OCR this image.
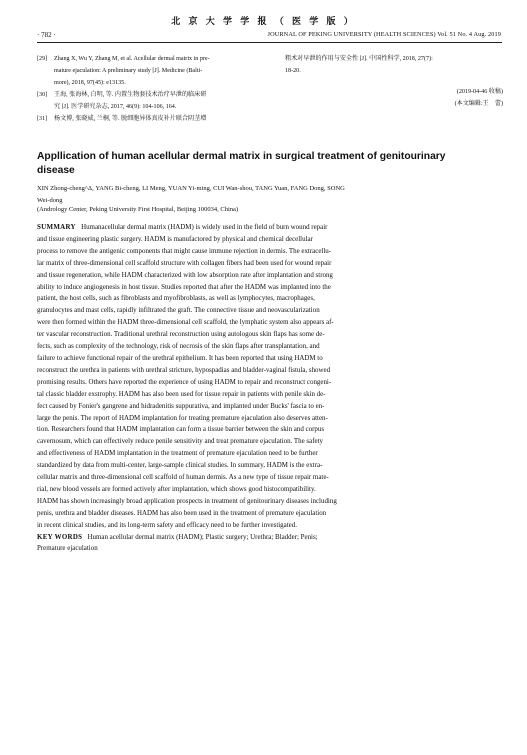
北 京 大 学 学 报 （ 医 学 版 ）
· 782 ·	JOURNAL OF PEKING UNIVERSITY (HEALTH SCIENCES) Vol. 51 No. 4 Aug. 2019
[29] Zhang X, Wu Y, Zhang M, et al. Acellular dermal matrix in pre-
mature ejaculation: A preliminary study [J]. Medicine (Balti-
more), 2018, 97(45): e13135.
[30] 王海, 张海林, 白明, 等. 内置生物套技术治疗早泄的临床研
究 [J]. 医学研究杂志, 2017, 46(9): 104-106, 164.
[31] 杨文博, 张晓威, 兰桐, 等. 脱细胞异体真皮补片联合阴茎增
粗术对早泄的作用与安全性 [J]. 中国性科学, 2018, 27(7):
18-20.
(2019-04-46 收稿)
(本文编辑:王　蕾)
Appllication of human acellular dermal matrix in surgical treatment of genitourinary
disease
XIN Zhong-cheng^Δ, YANG Bi-cheng, LI Meng, YUAN Yi-ming, CUI Wan-shou, TANG Yuan, FANG Dong, SONG
Wei-dong
(Andrology Center, Peking University First Hospital, Beijing 100034, China)
SUMMARY Humanacellular dermal matrix (HADM) is widely used in the field of burn wound repair
and tissue engineering plastic surgery. HADM is manufactored by physical and chemical decellular
process to remove the antigenic components that might cause immune rejection in dermis. The extracellu-
lar matrix of three-dimensional cell scaffold structure with collagen fibers had been used for wound repair
and tissue regeneration, while HADM characterized with low absorption rate after implantation and strong
ability to induce angiogenesis in host tissue. Studies reported that after the HADM was implanted into the
patient, the host cells, such as fibroblasts and myofibroblasts, as well as lymphocytes, macrophages,
granulocytes and mast cells, rapidly infiltrated the graft. The connective tissue and neovascularization
were then formed within the HADM three-dimensional cell scaffold, the lymphatic system also appears af-
ter vascular reconstruction. Traditional urethral reconstruction using autologous skin flaps has some de-
fects, such as complexity of the technology, risk of necrosis of the skin flaps after transplantation, and
failure to achieve functional repair of the urethral epithelium. It has been reported that using HADM to
reconstruct the urethra in patients with urethral stricture, hypospadias and bladder-vaginal fistula, showed
promising results. Others have reported the experience of using HADM to repair and reconstruct congeni-
tal classic bladder exstrophy. HADM has also been used for tissue repair in patients with penile skin de-
fect caused by Fonier's gangrene and hidradenitis suppurativa, and implanted under Bucks' fascia to en-
large the penis. The report of HADM implantation for treating premature ejaculation also deserves atten-
tion. Researchers found that HADM implantation can form a tissue barrier between the skin and corpus
cavernosum, which can effectively reduce penile sensitivity and treat premature ejaculation. The safety
and effectiveness of HADM implantation in the treatment of premature ejaculation need to be further
standardized by data from multi-center, large-sample clinical studies. In summary, HADM is the extra-
cellular matrix and three-dimensional cell scaffold of human dermis. As a new type of tissue repair mate-
rial, new blood vessels are formed actively after implantation, which shows good histocompatibility.
HADM has shown increasingly broad application prospects in treatment of genitourinary diseases including
penis, urethra and bladder diseases. HADM has also been used in the treatment of premature ejaculation
in recent clinical studies, and its long-term safety and efficacy need to be further investigated.
KEY WORDS Human acellular dermal matrix (HADM); Plastic surgery; Urethra; Bladder; Penis;
Premature ejaculation
